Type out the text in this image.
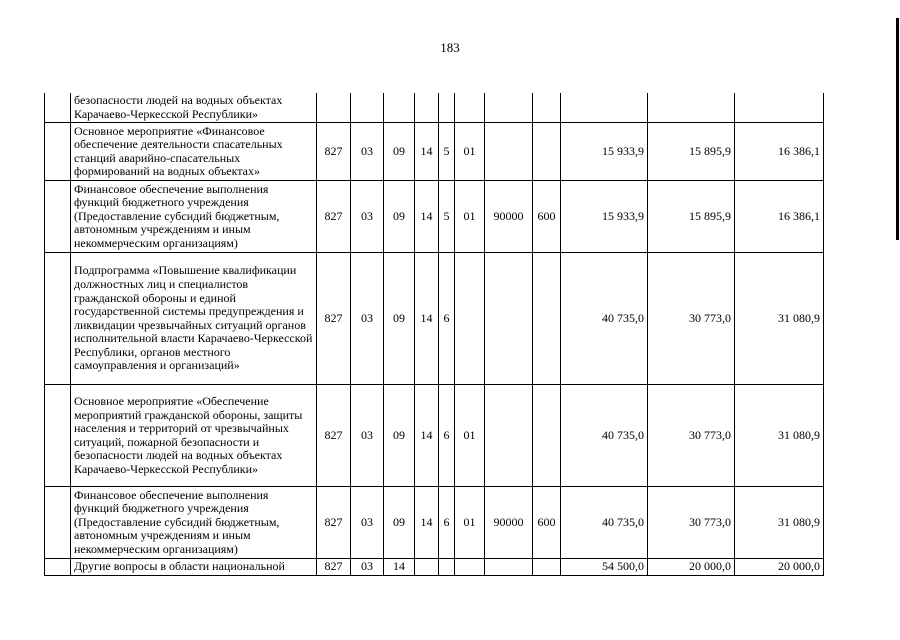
183
	безопасности людей на водных объектах Карачаево-Черкесской Республики»											
	Основное мероприятие «Финансовое обеспечение деятельности спасательных станций аварийно-спасательных формирований на водных объектах»	827	03	09	14	5	01			15 933,9	15 895,9	16 386,1
	Финансовое обеспечение выполнения функций бюджетного учреждения (Предоставление субсидий бюджетным, автономным учреждениям и иным некоммерческим организациям)	827	03	09	14	5	01	90000	600	15 933,9	15 895,9	16 386,1
	Подпрограмма «Повышение квалификации должностных лиц и специалистов гражданской обороны и единой государственной системы предупреждения и ликвидации чрезвычайных ситуаций органов исполнительной власти Карачаево-Черкесской Республики, органов местного самоуправления и организаций»	827	03	09	14	6				40 735,0	30 773,0	31 080,9
	Основное мероприятие «Обеспечение мероприятий гражданской обороны, защиты населения и территорий от чрезвычайных ситуаций, пожарной безопасности и безопасности людей на водных объектах Карачаево-Черкесской Республики»	827	03	09	14	6	01			40 735,0	30 773,0	31 080,9
	Финансовое обеспечение выполнения функций бюджетного учреждения (Предоставление субсидий бюджетным, автономным учреждениям и иным некоммерческим организациям)	827	03	09	14	6	01	90000	600	40 735,0	30 773,0	31 080,9
	Другие вопросы в области национальной	827	03	14						54 500,0	20 000,0	20 000,0
